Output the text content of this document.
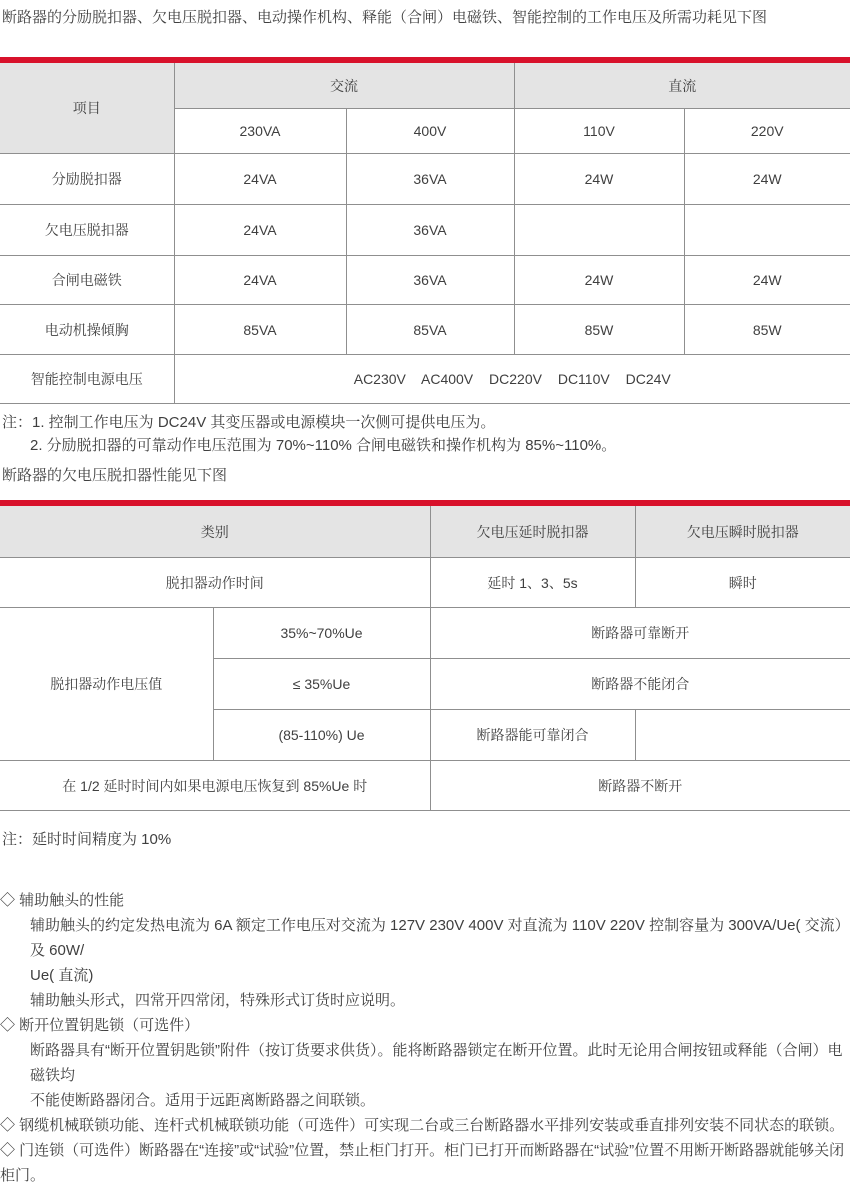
断路器的分励脱扣器、欠电压脱扣器、电动操作机构、释能（合闸）电磁铁、智能控制的工作电压及所需功耗见下图

项目	交流		直流	
	230VA	400V	110V	220V
分励脱扣器	24VA	36VA	24W	24W
欠电压脱扣器	24VA	36VA		
合闸电磁铁	24VA	36VA	24W	24W
电动机操傾胸	85VA	85VA	85W	85W
智能控制电源电压	AC230V AC400V DC220V DC110V DC24V			
注：1. 控制工作电压为 DC24V 其变压器或电源模块一次侧可提供电压为。
2. 分励脱扣器的可靠动作电压范围为 70%~110% 合闸电磁铁和操作机构为 85%~110%。

断路器的欠电压脱扣器性能见下图

类别		欠电压延时脱扣器	欠电压瞬时脱扣器
脱扣器动作时间		延时 1、3、5s	瞬时
脱扣器动作电压值	35%~70%Ue	断路器可靠断开	
	≤ 35%Ue	断路器不能闭合	
	(85-110%) Ue	断路器能可靠闭合	
在 1/2 延时时间内如果电源电压恢复到 85%Ue 时		断路器不断开	

注：延时时间精度为 10%

◇ 辅助触头的性能
辅助触头的约定发热电流为 6A 额定工作电压对交流为 127V 230V 400V 对直流为 110V 220V 控制容量为 300VA/Ue( 交流）及 60W/
Ue( 直流)
辅助触头形式，四常开四常闭，特殊形式订货时应说明。
◇ 断开位置钥匙锁（可选件）
断路器具有“断开位置钥匙锁”附件（按订货要求供货）。能将断路器锁定在断开位置。此时无论用合闸按钮或释能（合闸）电磁铁均
不能使断路器闭合。适用于远距离断路器之间联锁。
◇ 钢缆机械联锁功能、连杆式机械联锁功能（可选件）可实现二台或三台断路器水平排列安装或垂直排列安装不同状态的联锁。
◇ 门连锁（可选件）断路器在“连接”或“试验”位置，禁止柜门打开。柜门已打开而断路器在“试验”位置不用断开断路器就能够关闭柜门。
